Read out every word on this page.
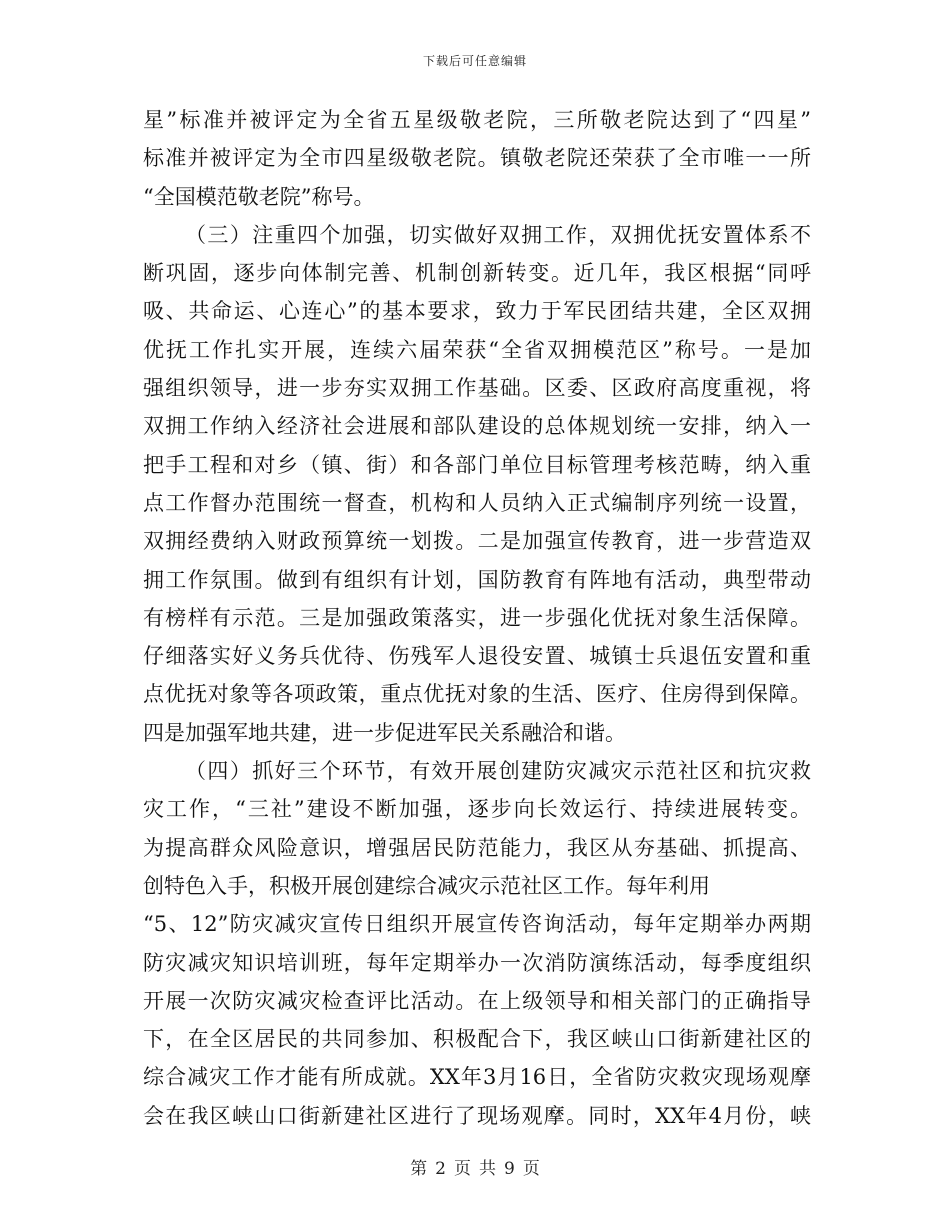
下载后可任意编辑
星”标准并被评定为全省五星级敬老院，三所敬老院达到了“四星”
标准并被评定为全市四星级敬老院。镇敬老院还荣获了全市唯一一所
“全国模范敬老院”称号。
（三）注重四个加强，切实做好双拥工作，双拥优抚安置体系不
断巩固，逐步向体制完善、机制创新转变。近几年，我区根据“同呼
吸、共命运、心连心”的基本要求，致力于军民团结共建，全区双拥
优抚工作扎实开展，连续六届荣获“全省双拥模范区”称号。一是加
强组织领导，进一步夯实双拥工作基础。区委、区政府高度重视，将
双拥工作纳入经济社会进展和部队建设的总体规划统一安排，纳入一
把手工程和对乡（镇、街）和各部门单位目标管理考核范畴，纳入重
点工作督办范围统一督查，机构和人员纳入正式编制序列统一设置，
双拥经费纳入财政预算统一划拨。二是加强宣传教育，进一步营造双
拥工作氛围。做到有组织有计划，国防教育有阵地有活动，典型带动
有榜样有示范。三是加强政策落实，进一步强化优抚对象生活保障。
仔细落实好义务兵优待、伤残军人退役安置、城镇士兵退伍安置和重
点优抚对象等各项政策，重点优抚对象的生活、医疗、住房得到保障。
四是加强军地共建，进一步促进军民关系融洽和谐。
（四）抓好三个环节，有效开展创建防灾减灾示范社区和抗灾救
灾工作，“三社”建设不断加强，逐步向长效运行、持续进展转变。
为提高群众风险意识，增强居民防范能力，我区从夯基础、抓提高、
创特色入手，积极开展创建综合减灾示范社区工作。每年利用
“5、12”防灾减灾宣传日组织开展宣传咨询活动，每年定期举办两期
防灾减灾知识培训班，每年定期举办一次消防演练活动，每季度组织
开展一次防灾减灾检查评比活动。在上级领导和相关部门的正确指导
下，在全区居民的共同参加、积极配合下，我区峡山口街新建社区的
综合减灾工作才能有所成就。XX年3月16日，全省防灾救灾现场观摩
会在我区峡山口街新建社区进行了现场观摩。同时，XX年4月份，峡
第 2 页 共 9 页
